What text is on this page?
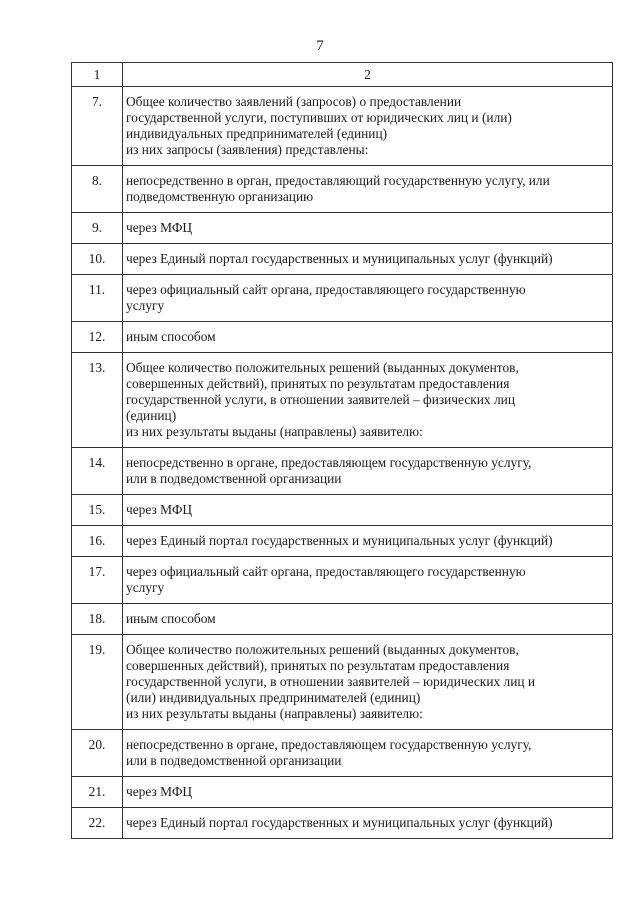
7
1	2
7.	Общее количество заявлений (запросов) о предоставлении
государственной услуги, поступивших от юридических лиц и (или)
индивидуальных предпринимателей (единиц)
из них запросы (заявления) представлены:

8.	непосредственно в орган, предоставляющий государственную услугу, или
подведомственную организацию

9.	через МФЦ

10.	через Единый портал государственных и муниципальных услуг (функций)

11.	через официальный сайт органа, предоставляющего государственную
услугу

12.	иным способом

13.	Общее количество положительных решений (выданных документов,
совершенных действий), принятых по результатам предоставления
государственной услуги, в отношении заявителей – физических лиц
(единиц)
из них результаты выданы (направлены) заявителю:

14.	непосредственно в органе, предоставляющем государственную услугу,
или в подведомственной организации

15.	через МФЦ

16.	через Единый портал государственных и муниципальных услуг (функций)

17.	через официальный сайт органа, предоставляющего государственную
услугу

18.	иным способом

19.	Общее количество положительных решений (выданных документов,
совершенных действий), принятых по результатам предоставления
государственной услуги, в отношении заявителей – юридических лиц и
(или) индивидуальных предпринимателей (единиц)
из них результаты выданы (направлены) заявителю:

20.	непосредственно в органе, предоставляющем государственную услугу,
или в подведомственной организации

21.	через МФЦ

22.	через Единый портал государственных и муниципальных услуг (функций)
